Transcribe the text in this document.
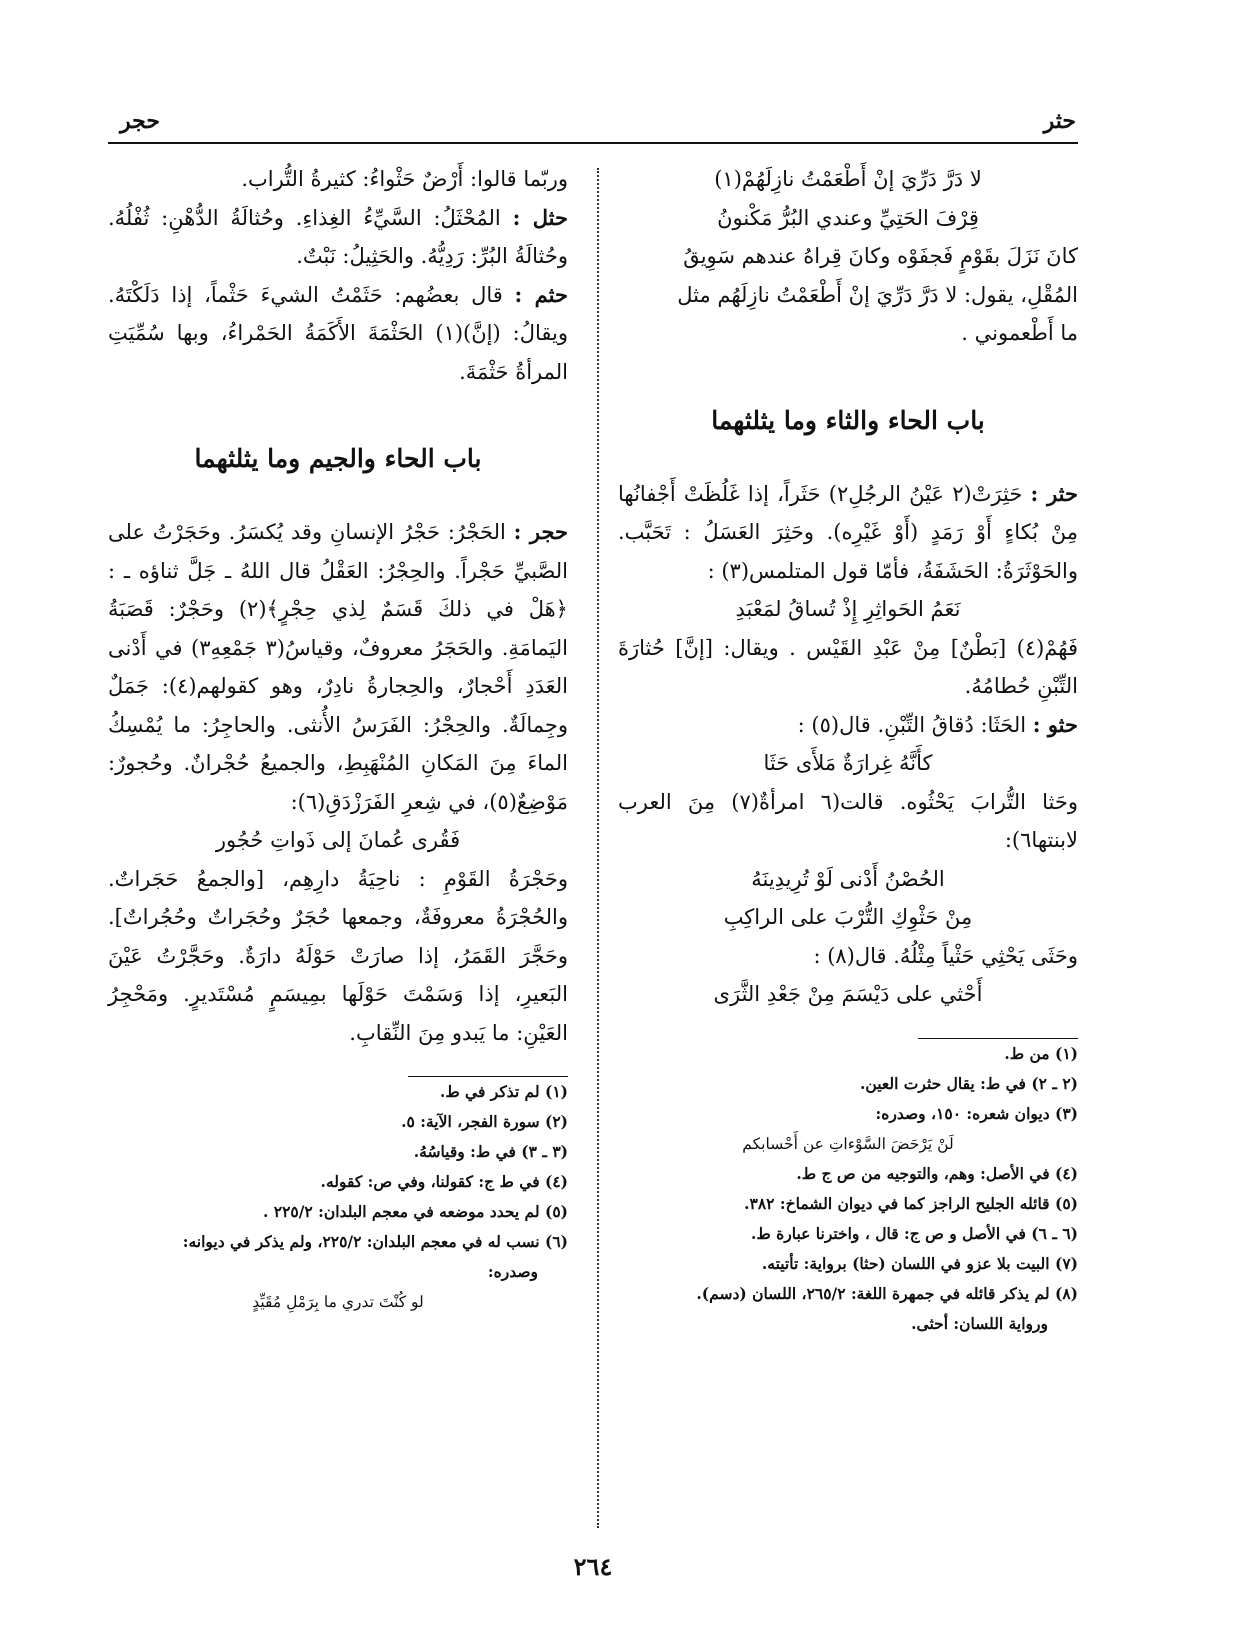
حثر
حجر

لا دَرَّ دَرِّيَ إنْ أَطْعَمْتُ نازِلَهُمْ(١)

قِرْفَ الحَتِيِّ وعندي البُرُّ مَكْنونُ

كانَ نَزَلَ بقَوْمٍ فَجفَوْه وكانَ قِراهُ عندهم سَوِيقُ

المُقْلِ، يقول: لا دَرَّ دَرِّيَ إنْ أَطْعَمْتُ نازِلَهُم مثل

ما أَطْعموني .

باب الحاء والثاء وما يثلثهما

حثر : حَثِرَتْ(٢ عَيْنُ الرجُلِ٢) حَثَراً، إذا غَلُظَتْ أَجْفانُها مِنْ بُكاءٍ أَوْ رَمَدٍ (أَوْ غَيْرِه). وحَثِرَ العَسَلُ : تَحَبَّب. والحَوْثَرَةُ: الحَشَفَةُ، فأمّا قول المتلمس(٣) :

نَعَمُ الحَواثِرِ إِذْ تُساقُ لمَعْبَدِ

فَهُمْ(٤) [بَطْنٌ] مِنْ عَبْدِ القَيْس . ويقال: [إنَّ] حُثارَةَ التِّبْنِ حُطامُهُ.

حثو : الحَثَا: دُقاقُ التِّبْنِ. قال(٥) :

كأَنَّهُ غِرارَةٌ مَلأَى حَثَا

وحَثا التُّرابَ يَحْثُوه. قالت(٦ امرأةٌ(٧) مِنَ العرب لابنتها٦):

الحُصْنُ أَدْنى لَوْ تُرِيدِينَهُ

مِنْ حَثْوِكِ التُّرْبَ على الراكِبِ

وحَثَى يَحْثِي حَثْياً مِثْلُهُ. قال(٨) :

أَحْثي على دَيْسَمَ مِنْ جَعْدِ الثَّرَى

(١) من ط.

(٢ ـ ٢) في ط: يقال حثرت العين.

(٣) ديوان شعره: ١٥٠، وصدره:

لَنْ يَرْحَضَ السَّوْءاتِ عن أَحْسابكم

(٤) في الأصل: وهم، والتوجيه من ص ج ط.

(٥) قائله الجليح الراجز كما في ديوان الشماخ: ٣٨٢.

(٦ ـ ٦) في الأصل و ص ج: قال ، واخترنا عبارة ط.

(٧) البيت بلا عزو في اللسان (حثا) برواية: تأتيته.

(٨) لم يذكر قائله في جمهرة اللغة: ٢٦٥/٢، اللسان (دسم).

ورواية اللسان: أحثى.

وربّما قالوا: أَرْضٌ حَثْواءُ: كثيرةُ التُّراب.

حثل : المُحْثَلُ: السَّيِّءُ الغِذاءِ. وحُثالَةُ الدُّهْنِ: ثُفْلُهُ. وحُثالَةُ البُرِّ: رَدِيُّهُ. والحَثِيلُ: نَبْتٌ.

حثم : قال بعضُهم: حَثَمْتُ الشيءَ حَثْماً، إذا دَلَكْتَهُ. ويقالُ: (إنَّ)(١) الحَثْمَةَ الأَكَمَةُ الحَمْراءُ، وبها سُمِّيَتِ المرأةُ حَثْمَةَ.

باب الحاء والجيم وما يثلثهما

حجر : الحَجْرُ: حَجْرُ الإنسانِ وقد يُكسَرُ. وحَجَرْتُ على الصَّبيِّ حَجْراً. والحِجْرُ: العَقْلُ قال اللهُ ـ جَلَّ ثناؤه ـ : ﴿هَلْ في ذلكَ قَسَمٌ لِذي حِجْرٍ﴾(٢) وحَجْرٌ: قَصَبَةُ اليَمامَةِ. والحَجَرُ معروفٌ، وقياسُ(٣ جَمْعِهِ٣) في أَدْنى العَدَدِ أَحْجارٌ، والحِجارةُ نادِرٌ، وهو كقولهم(٤): جَمَلٌ وجِمالَةٌ. والحِجْرُ: الفَرَسُ الأُنثى. والحاجِرُ: ما يُمْسِكُ الماءَ مِنَ المَكانِ المُنْهَبِطِ، والجميعُ حُجْرانٌ. وحُجورٌ: مَوْضِعٌ(٥)، في شِعرِ الفَرَزْدَقِ(٦):

فَقُرى عُمانَ إلى ذَواتِ حُجُور

وحَجْرَةُ القَوْمِ : ناحِيَةُ دارِهِم، [والجمعُ حَجَراتٌ. والحُجْرَةُ معروفَةٌ، وجمعها حُجَرٌ وحُجَراتٌ وحُجُراتٌ]. وحَجَّرَ القَمَرُ، إذا صارَتْ حَوْلَهُ دارَةٌ. وحَجَّرْتُ عَيْنَ البَعيرِ، إذا وَسَمْتَ حَوْلَها بمِيسَمٍ مُسْتَديرٍ. ومَحْجِرُ العَيْنِ: ما يَبدو مِنَ النِّقابِ.

(١) لم تذكر في ط.

(٢) سورة الفجر، الآية: ٥.

(٣ ـ ٣) في ط: وقياسُهُ.

(٤) في ط ج: كقولنا، وفي ص: كقوله.

(٥) لم يحدد موضعه في معجم البلدان: ٢٢٥/٢ .

(٦) نسب له في معجم البلدان: ٢٢٥/٢، ولم يذكر في ديوانه:

وصدره:

لو كُنْتَ تدري ما بِرَمْلِ مُقَيِّدٍ

٢٦٤
